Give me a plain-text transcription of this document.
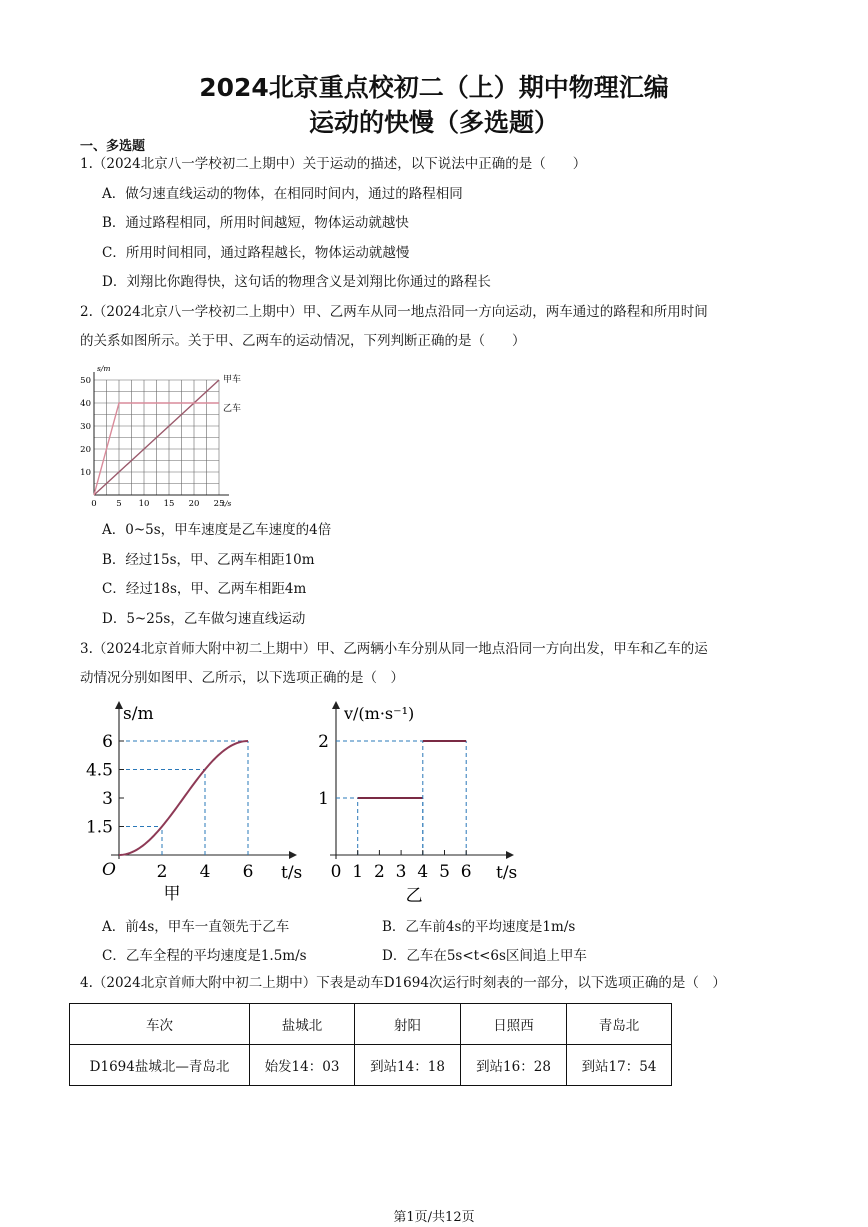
2024北京重点校初二（上）期中物理汇编
运动的快慢（多选题）
一、多选题
1.（2024北京八一学校初二上期中）关于运动的描述，以下说法中正确的是（　　）
A．做匀速直线运动的物体，在相同时间内，通过的路程相同
B．通过路程相同，所用时间越短，物体运动就越快
C．所用时间相同，通过路程越长，物体运动就越慢
D．刘翔比你跑得快，这句话的物理含义是刘翔比你通过的路程长
2.（2024北京八一学校初二上期中）甲、乙两车从同一地点沿同一方向运动，两车通过的路程和所用时间
的关系如图所示。关于甲、乙两车的运动情况，下列判断正确的是（　　）
0 5 10 15 20 25
10
20
30
40
50
s/m
t/s
甲车
乙车
A．0~5s，甲车速度是乙车速度的4倍
B．经过15s，甲、乙两车相距10m
C．经过18s，甲、乙两车相距4m
D．5~25s，乙车做匀速直线运动
3.（2024北京首师大附中初二上期中）甲、乙两辆小车分别从同一地点沿同一方向出发，甲车和乙车的运
动情况分别如图甲、乙所示，以下选项正确的是（　）
1.5
3
4.5
6
2 4 6
O
s/m
t/s
甲
0 1 2 3 4 5 6
1
2
v/(m·s⁻¹)
t/s
乙
A．前4s，甲车一直领先于乙车	B．乙车前4s的平均速度是1m/s
C．乙车全程的平均速度是1.5m/s	D．乙车在5s<t<6s区间追上甲车
4.（2024北京首师大附中初二上期中）下表是动车D1694次运行时刻表的一部分，以下选项正确的是（　）
车次	盐城北	射阳	日照西	青岛北
D1694盐城北—青岛北	始发14：03	到站14：18	到站16：28	到站17：54
第1页/共12页
